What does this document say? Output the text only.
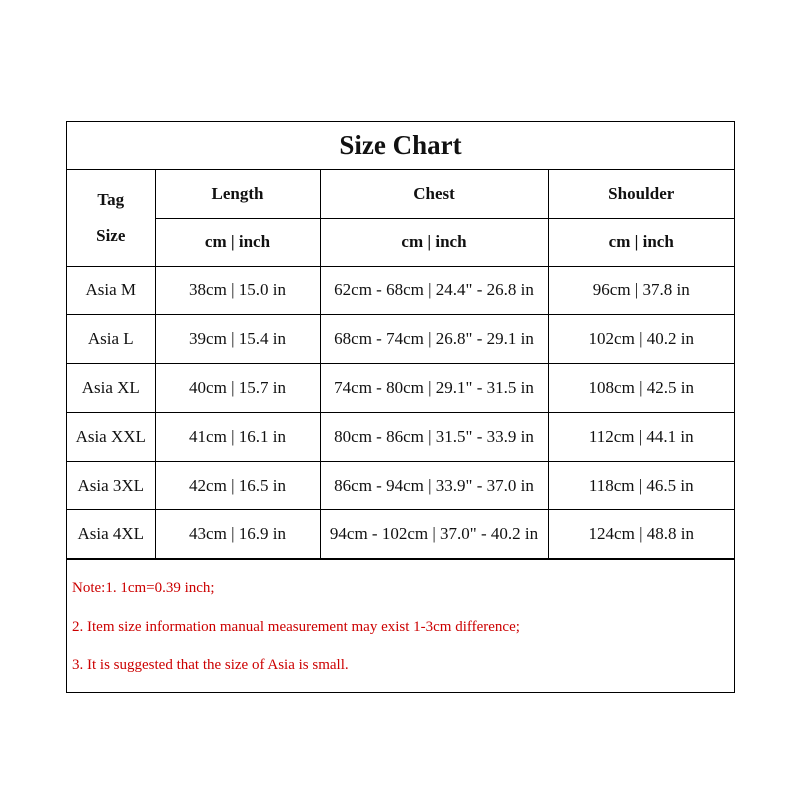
Size Chart
Tag
Size	Length	Chest	Shoulder
	cm | inch	cm | inch	cm | inch
Asia M	38cm | 15.0 in	62cm - 68cm | 24.4" - 26.8 in	96cm | 37.8 in
Asia L	39cm | 15.4 in	68cm - 74cm | 26.8" - 29.1 in	102cm | 40.2 in
Asia XL	40cm | 15.7 in	74cm - 80cm | 29.1" - 31.5 in	108cm | 42.5 in
Asia XXL	41cm | 16.1 in	80cm - 86cm | 31.5" - 33.9 in	112cm | 44.1 in
Asia 3XL	42cm | 16.5 in	86cm - 94cm | 33.9" - 37.0 in	118cm | 46.5 in
Asia 4XL	43cm | 16.9 in	94cm - 102cm | 37.0" - 40.2 in	124cm | 48.8 in
Note:1. 1cm=0.39 inch;
2. Item size information manual measurement may exist 1-3cm difference;
3. It is suggested that the size of Asia is small.
